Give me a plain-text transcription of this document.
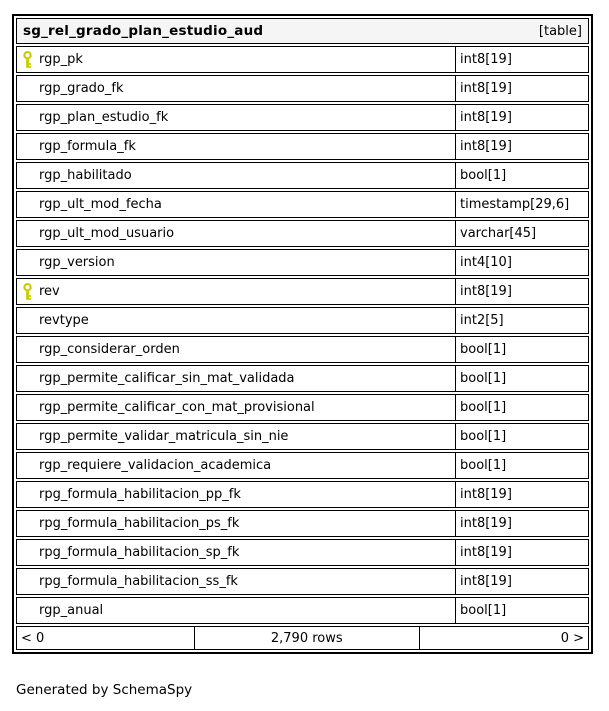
sg_rel_grado_plan_estudio_aud	[table]
rgp_pk	int8[19]
rgp_grado_fk	int8[19]
rgp_plan_estudio_fk	int8[19]
rgp_formula_fk	int8[19]
rgp_habilitado	bool[1]
rgp_ult_mod_fecha	timestamp[29,6]
rgp_ult_mod_usuario	varchar[45]
rgp_version	int4[10]
rev	int8[19]
revtype	int2[5]
rgp_considerar_orden	bool[1]
rgp_permite_calificar_sin_mat_validada	bool[1]
rgp_permite_calificar_con_mat_provisional	bool[1]
rgp_permite_validar_matricula_sin_nie	bool[1]
rgp_requiere_validacion_academica	bool[1]
rpg_formula_habilitacion_pp_fk	int8[19]
rpg_formula_habilitacion_ps_fk	int8[19]
rpg_formula_habilitacion_sp_fk	int8[19]
rpg_formula_habilitacion_ss_fk	int8[19]
rgp_anual	bool[1]
< 0	2,790 rows	0 >
Generated by SchemaSpy
